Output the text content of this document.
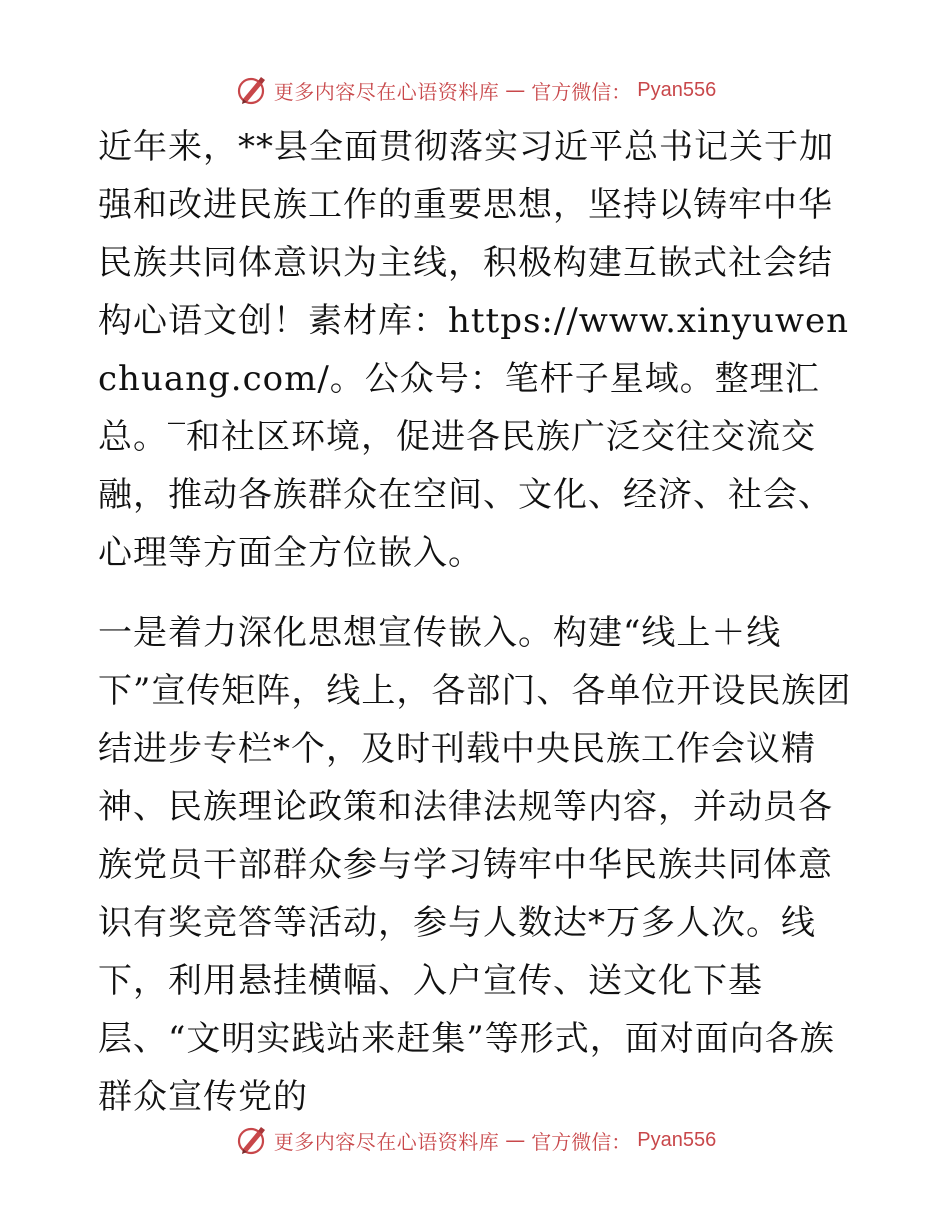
更多内容尽在心语资料库 — 官方微信： Pyan556

近年来，**县全面贯彻落实习近平总书记关于加强和改进民族工作的重要思想，坚持以铸牢中华民族共同体意识为主线，积极构建互嵌式社会结构心语文创！素材库：https://www.xinyuwenchuang.com/。公众号：笔杆子星域。整理汇总。‾和社区环境，促进各民族广泛交往交流交融，推动各族群众在空间、文化、经济、社会、心理等方面全方位嵌入。

一是着力深化思想宣传嵌入。构建“线上＋线下”宣传矩阵，线上，各部门、各单位开设民族团结进步专栏*个，及时刊载中央民族工作会议精神、民族理论政策和法律法规等内容，并动员各族党员干部群众参与学习铸牢中华民族共同体意识有奖竞答等活动，参与人数达*万多人次。线下，利用悬挂横幅、入户宣传、送文化下基层、“文明实践站来赶集”等形式，面对面向各族群众宣传党的

更多内容尽在心语资料库 — 官方微信： Pyan556
